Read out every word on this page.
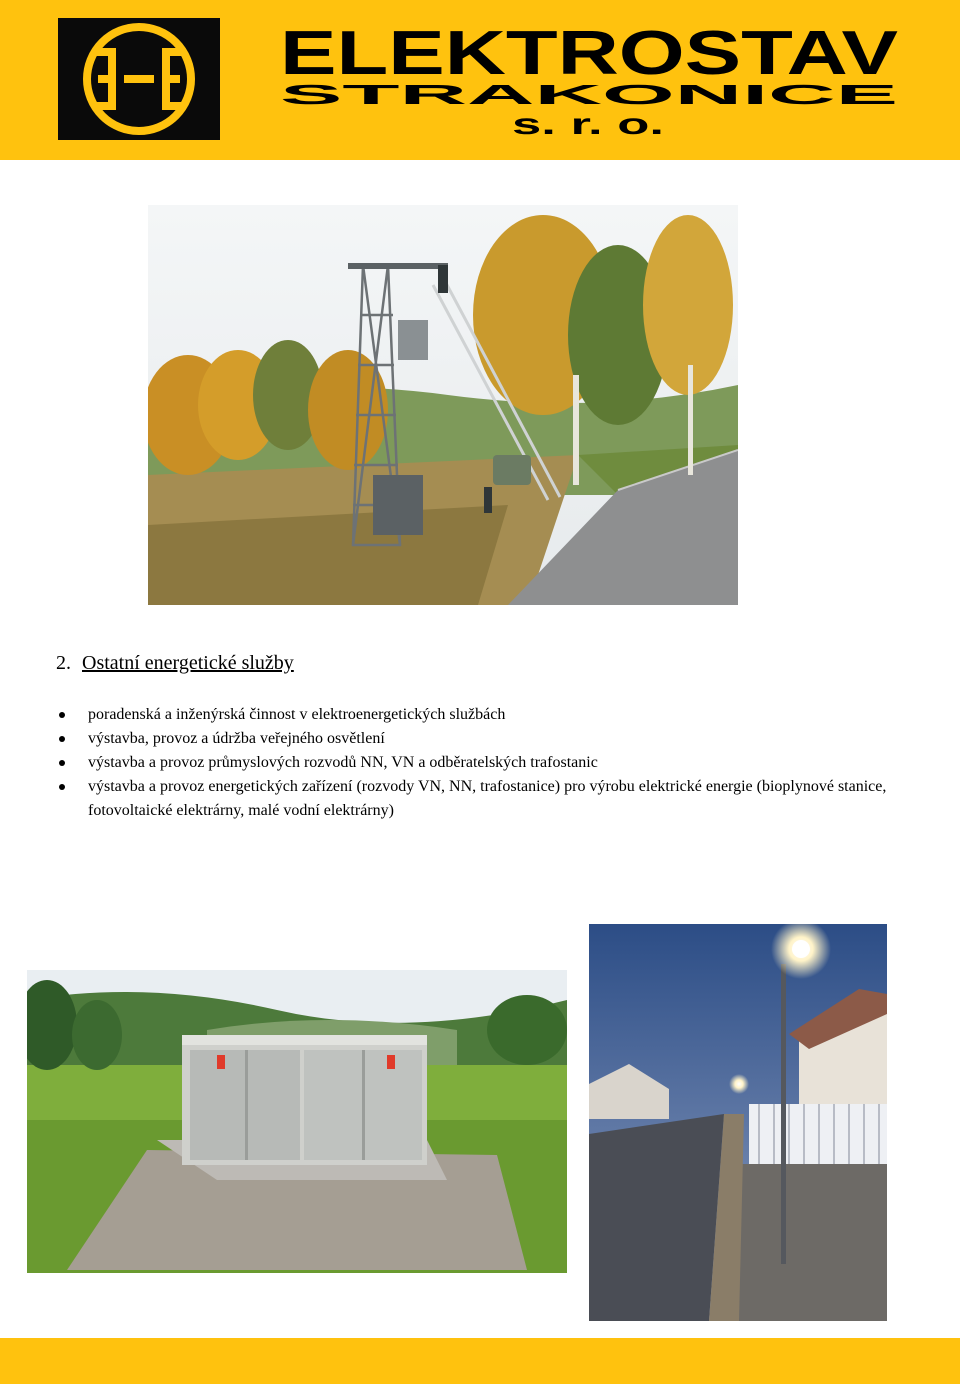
ELEKTROSTAV
STRAKONICE
s. r. o.
2. Ostatní energetické služby
poradenská a inženýrská činnost v elektroenergetických službách
výstavba, provoz a údržba veřejného osvětlení
výstavba a provoz průmyslových rozvodů NN, VN a odběratelských trafostanic
výstavba a provoz energetických zařízení (rozvody VN, NN, trafostanice) pro výrobu elektrické energie (bioplynové stanice, fotovoltaické elektrárny, malé vodní elektrárny)
